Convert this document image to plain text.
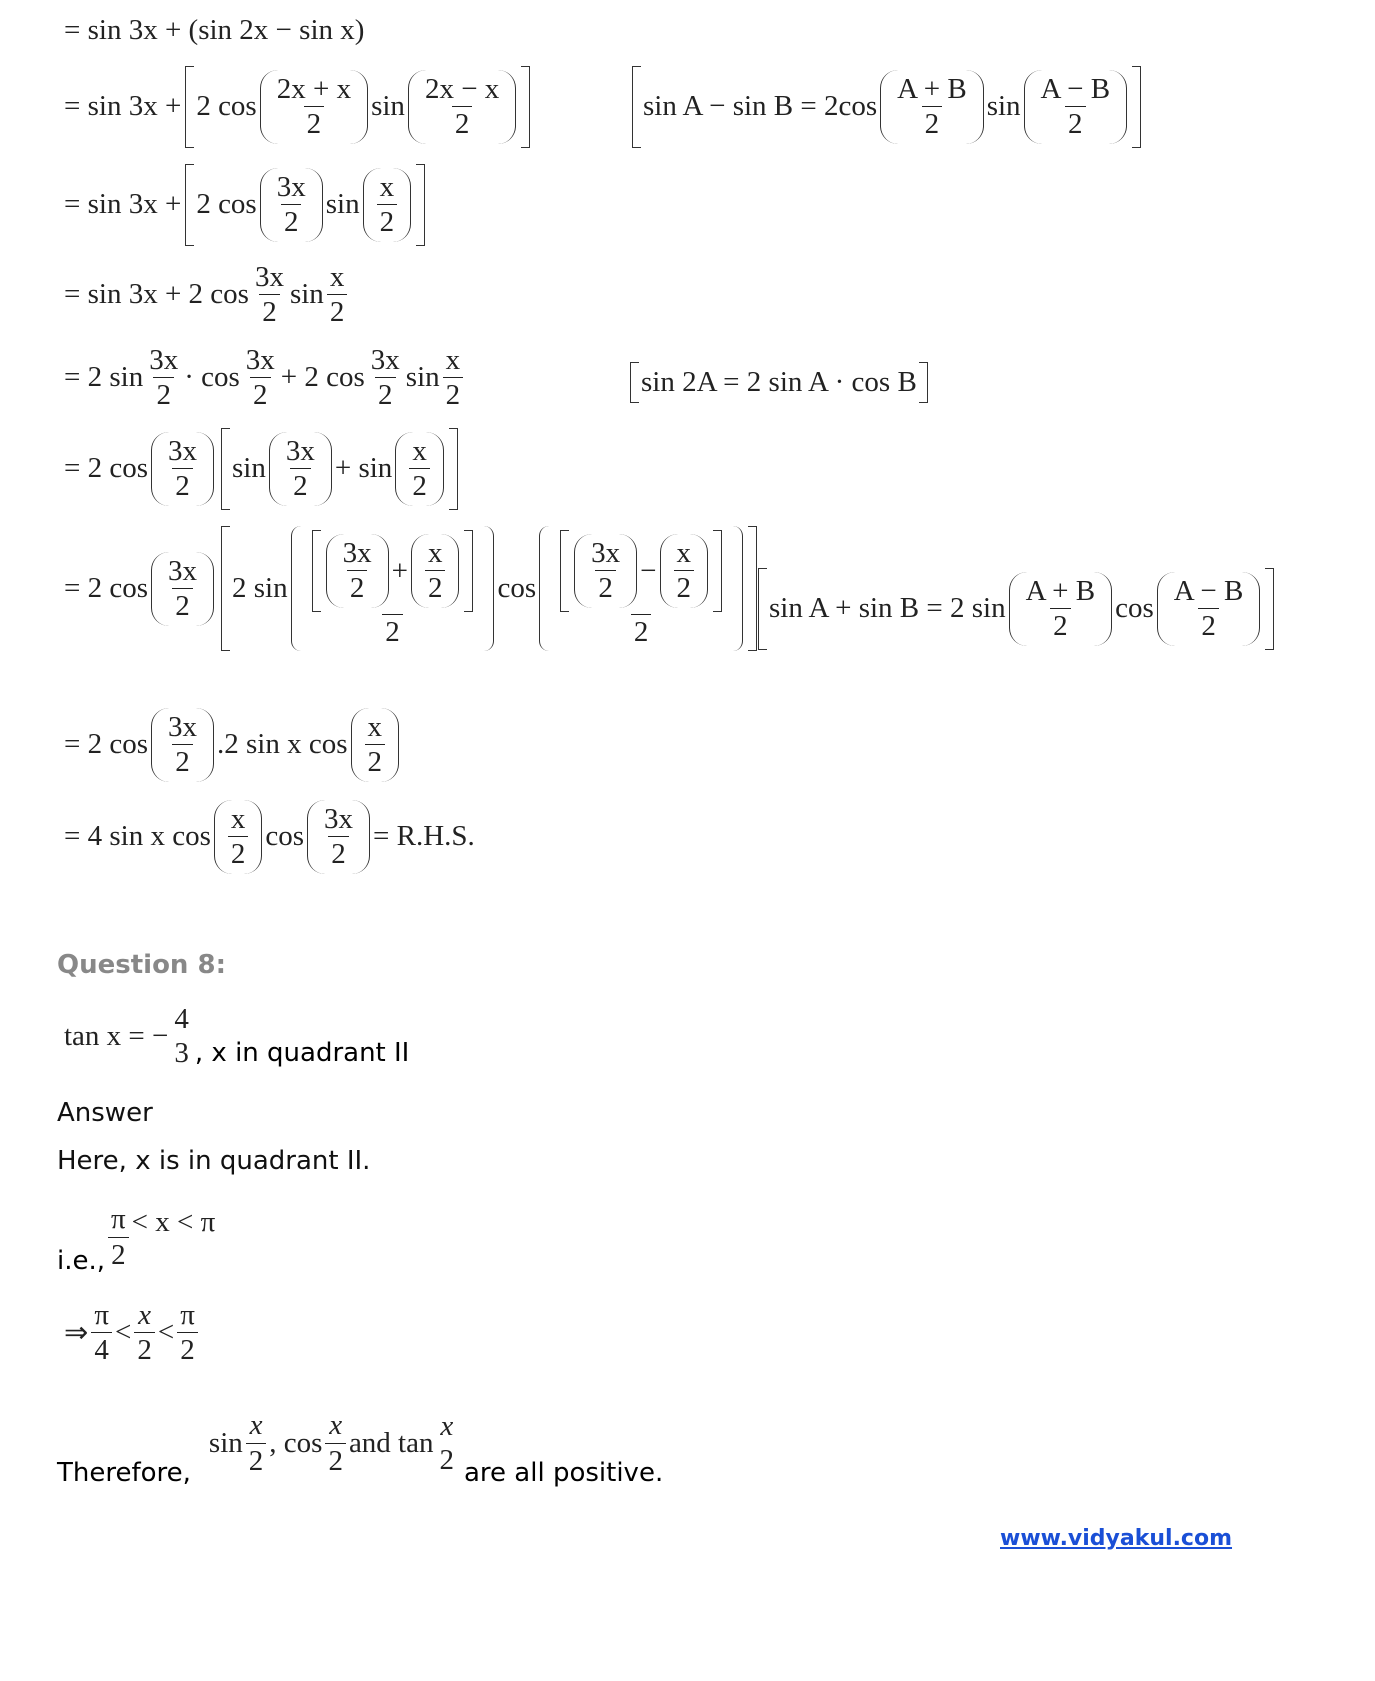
= sin 3x + (sin 2x − sin x)
= sin 3x + 2 $\cos \frac{2x + x}{2}$ $\sin \frac{2x - x}{2}$	$\sin A - \sin B = 2\cos \frac{A + B}{2}$ $\sin \frac{A - B}{2}$
= sin 3x + 2 $\cos \frac{3x}{2}$ $\sin \frac{x}{2}$
= sin 3x + 2 $\cos \frac{3x}{2}$ $\sin \frac{x}{2}$
= 2 $\sin \frac{3x}{2} \cdot \cos \frac{3x}{2} + 2$ $\cos \frac{3x}{2}$ $\sin \frac{x}{2}$	sin 2A = 2 sin A · cos B
= 2 $\cos \frac{3x}{2}$ $\sin \frac{3x}{2} + \sin \frac{x}{2}$
= 2 $\cos \frac{3x}{2} 2$ $\sin \frac{\frac{3x}{2} + \frac{x}{2}}{2}$ $\cos \frac{\frac{3x}{2} - \frac{x}{2}}{2}$ sin A + sin B = 2 $\sin \frac{A + B}{2}$ $\cos \frac{A - B}{2}$
= 2 $\cos \frac{3x}{2} .2$ sin x $\cos \frac{x}{2}$
= 4 sin x $\cos \frac{x}{2}$ $\cos \frac{3x}{2} = R.H.S$.
Question 8:
tan x = −
4
3 , x in quadrant II
Answer
Here, x is in quadrant II.
i.e., $\frac{\pi}{2} < x < \pi$
⇒ $\frac{\pi}{4} < \frac{x}{2} < \frac{\pi}{2}$
Therefore,
$\sin \frac{x}{2}$ , $\cos \frac{x}{2}$ and tan
x
2 are all positive.
www.vidyakul.com
